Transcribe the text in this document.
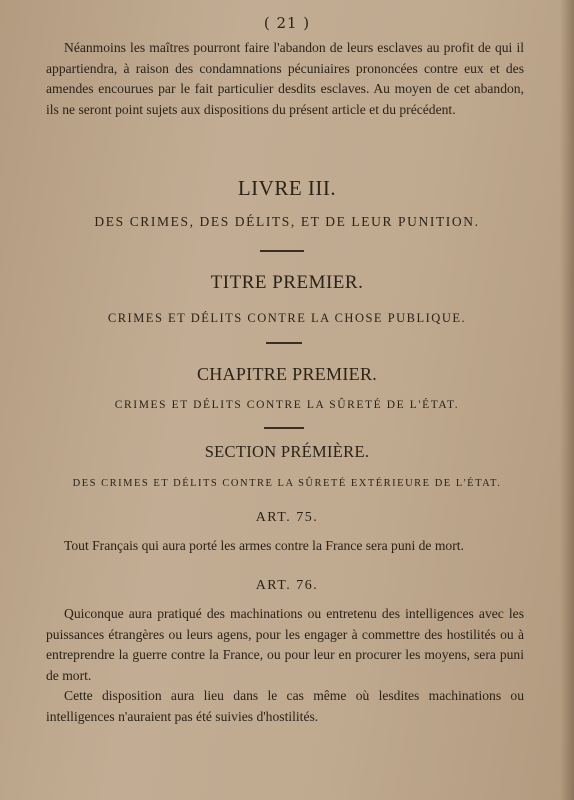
( 21 )
Néanmoins les maîtres pourront faire l'abandon de leurs esclaves au profit de qui il appartiendra, à raison des condamnations pécuniaires prononcées contre eux et des amendes encourues par le fait particulier desdits esclaves. Au moyen de cet abandon, ils ne seront point sujets aux dispositions du présent article et du précédent.
LIVRE III.
DES CRIMES, DES DÉLITS, ET DE LEUR PUNITION.
TITRE PREMIER.
CRIMES ET DÉLITS CONTRE LA CHOSE PUBLIQUE.
CHAPITRE PREMIER.
CRIMES ET DÉLITS CONTRE LA SÛRETÉ DE L'ÉTAT.
SECTION PRÉMIÈRE.
DES CRIMES ET DÉLITS CONTRE LA SÛRETÉ EXTÉRIEURE DE L'ÉTAT.
ART. 75.
Tout Français qui aura porté les armes contre la France sera puni de mort.
ART. 76.
Quiconque aura pratiqué des machinations ou entretenu des intelligences avec les puissances étrangères ou leurs agens, pour les engager à commettre des hostilités ou à entreprendre la guerre contre la France, ou pour leur en procurer les moyens, sera puni de mort.
Cette disposition aura lieu dans le cas même où lesdites machinations ou intelligences n'auraient pas été suivies d'hostilités.
